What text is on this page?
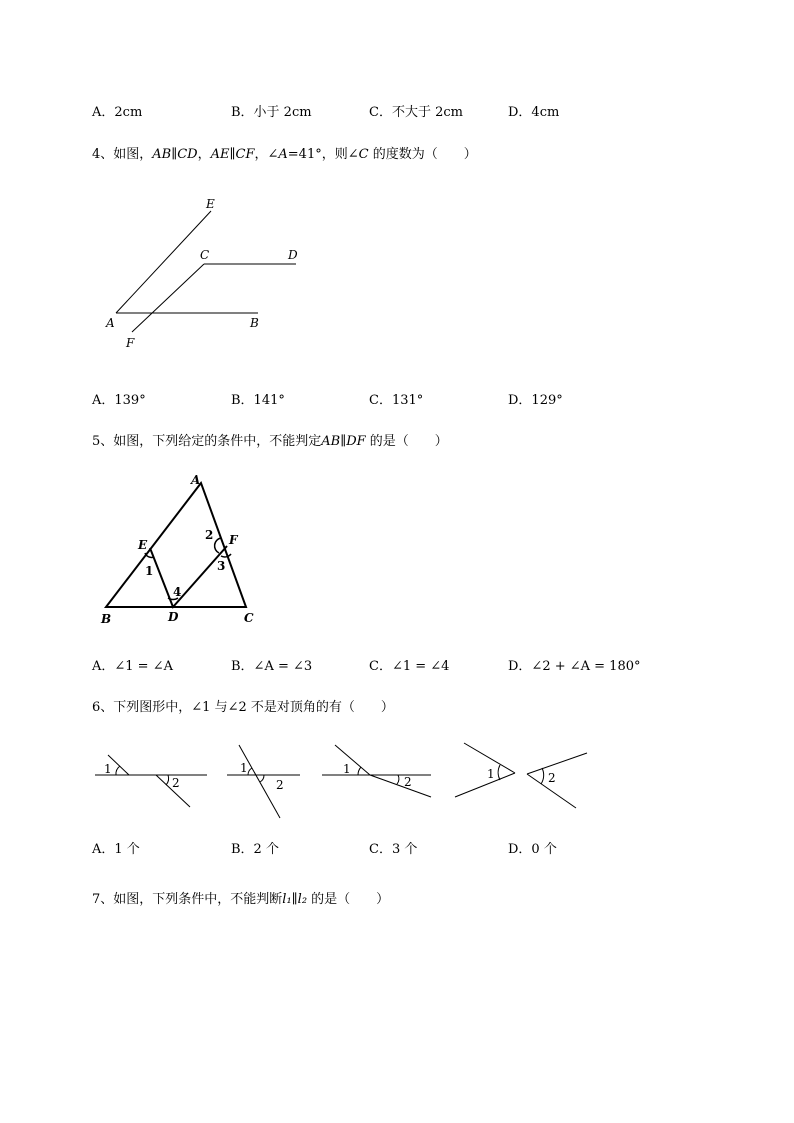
A．2cm	B．小于 2cm	C．不大于 2cm	D．4cm
4、如图，AB∥CD，AE∥CF，∠A=41°，则∠C 的度数为（　　）
E
C	D
A	B
F
A．139°	B．141°	C．131°	D．129°
5、如图，下列给定的条件中，不能判定AB∥DF 的是（　　）
A
E	F
B	D	C
1
2
3
4
A．∠1 = ∠A	B．∠A = ∠3	C．∠1 = ∠4	D．∠2 + ∠A = 180°
6、下列图形中，∠1 与∠2 不是对顶角的有（　　）
1
2
1
2
1
2
1	2
A．1 个	B．2 个	C．3 个	D．0 个
7、如图，下列条件中，不能判断l₁∥l₂ 的是（　　）
